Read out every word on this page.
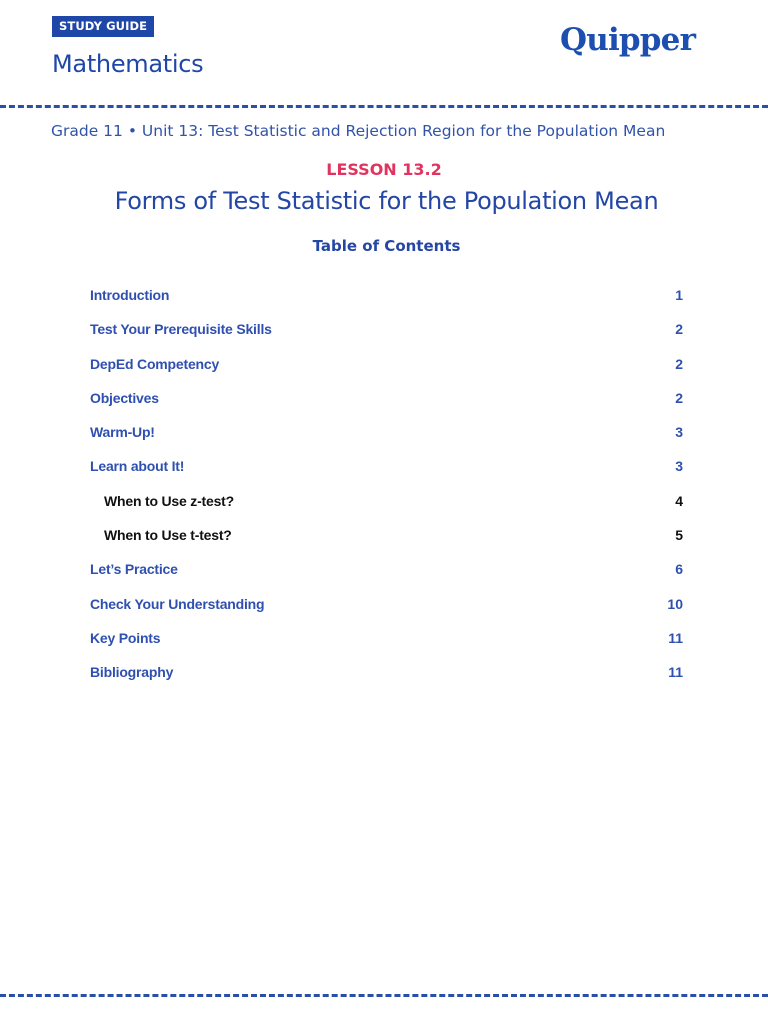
STUDY GUIDE
Mathematics
Quipper
Grade 11 • Unit 13: Test Statistic and Rejection Region for the Population Mean
LESSON 13.2
Forms of Test Statistic for the Population Mean
Table of Contents
Introduction	1
Test Your Prerequisite Skills	2
DepEd Competency	2
Objectives	2
Warm-Up!	3
Learn about It!	3
When to Use z-test?	4
When to Use t-test?	5
Let’s Practice	6
Check Your Understanding	10
Key Points	11
Bibliography	11
